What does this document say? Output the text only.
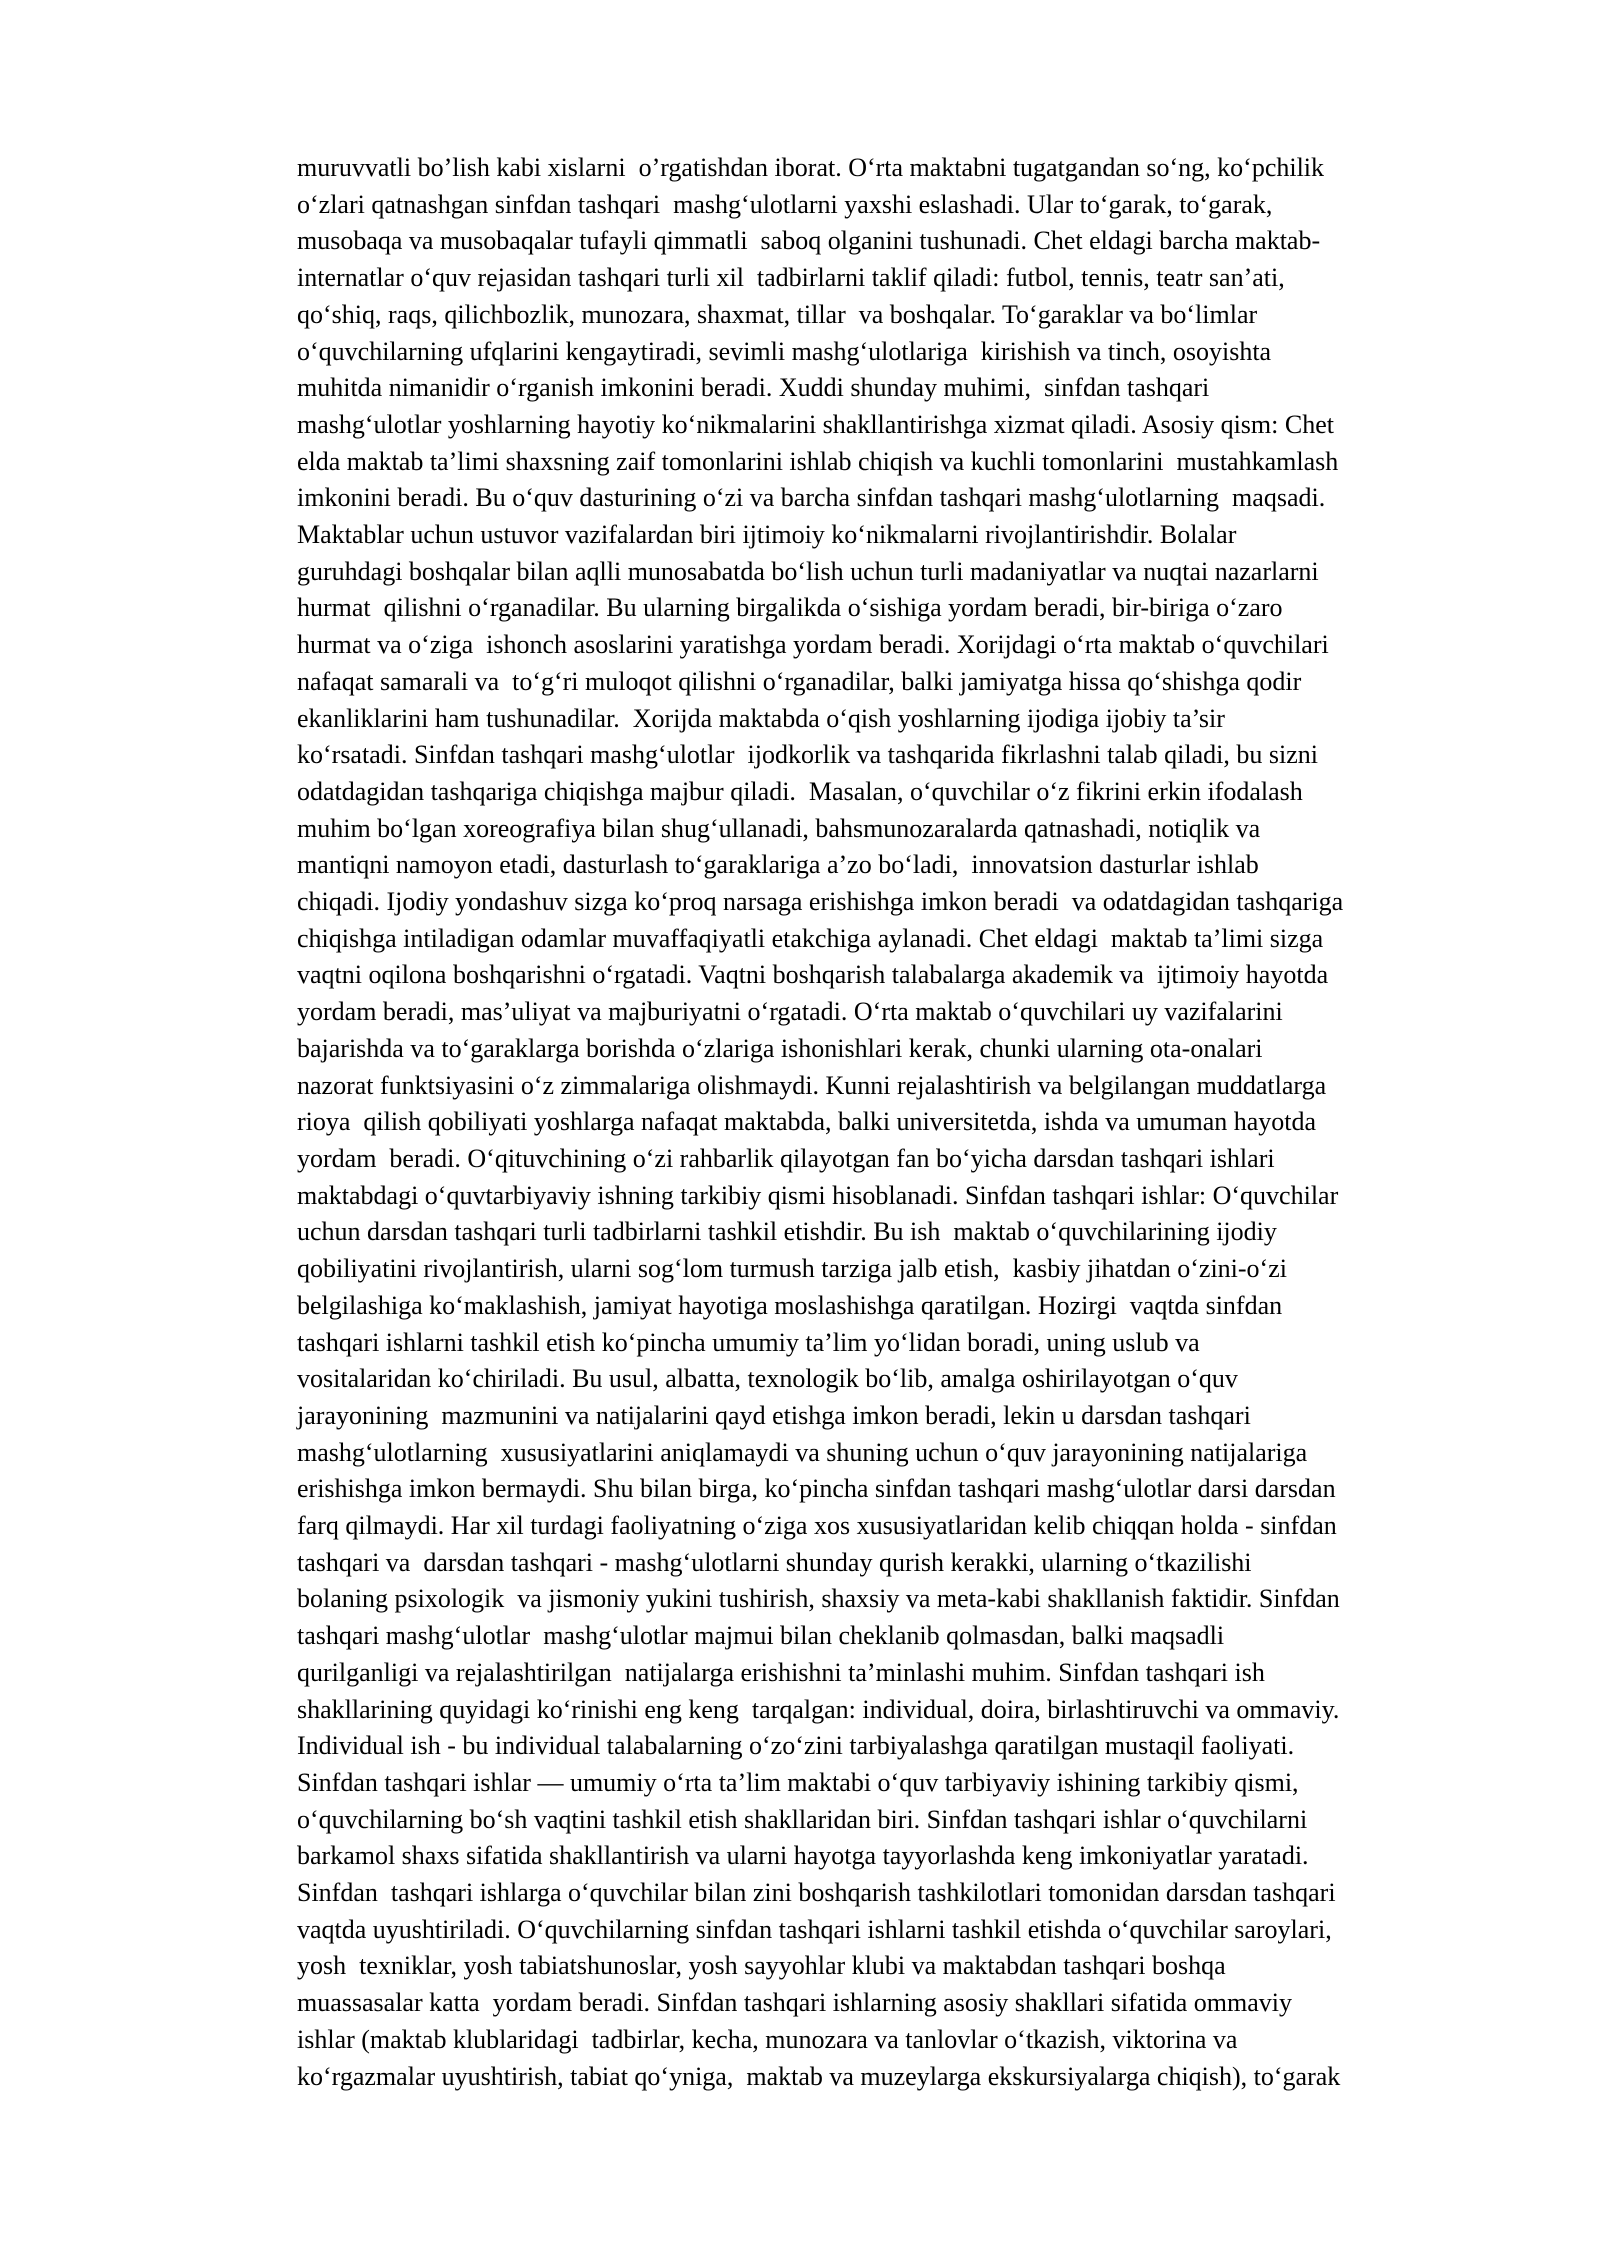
muruvvatli bo’lish kabi xislarni  o’rgatishdan iborat. O‘rta maktabni tugatgandan so‘ng, ko‘pchilik
o‘zlari qatnashgan sinfdan tashqari  mashg‘ulotlarni yaxshi eslashadi. Ular to‘garak, to‘garak,
musobaqa va musobaqalar tufayli qimmatli  saboq olganini tushunadi. Chet eldagi barcha maktab-
internatlar o‘quv rejasidan tashqari turli xil  tadbirlarni taklif qiladi: futbol, tennis, teatr san’ati,
qo‘shiq, raqs, qilichbozlik, munozara, shaxmat, tillar  va boshqalar. To‘garaklar va bo‘limlar
o‘quvchilarning ufqlarini kengaytiradi, sevimli mashg‘ulotlariga  kirishish va tinch, osoyishta
muhitda nimanidir o‘rganish imkonini beradi. Xuddi shunday muhimi,  sinfdan tashqari
mashg‘ulotlar yoshlarning hayotiy ko‘nikmalarini shakllantirishga xizmat qiladi. Asosiy qism: Chet
elda maktab ta’limi shaxsning zaif tomonlarini ishlab chiqish va kuchli tomonlarini  mustahkamlash
imkonini beradi. Bu o‘quv dasturining o‘zi va barcha sinfdan tashqari mashg‘ulotlarning  maqsadi.
Maktablar uchun ustuvor vazifalardan biri ijtimoiy ko‘nikmalarni rivojlantirishdir. Bolalar
guruhdagi boshqalar bilan aqlli munosabatda bo‘lish uchun turli madaniyatlar va nuqtai nazarlarni
hurmat  qilishni o‘rganadilar. Bu ularning birgalikda o‘sishiga yordam beradi, bir-biriga o‘zaro
hurmat va o‘ziga  ishonch asoslarini yaratishga yordam beradi. Xorijdagi o‘rta maktab o‘quvchilari
nafaqat samarali va  to‘g‘ri muloqot qilishni o‘rganadilar, balki jamiyatga hissa qo‘shishga qodir
ekanliklarini ham tushunadilar.  Xorijda maktabda o‘qish yoshlarning ijodiga ijobiy ta’sir
ko‘rsatadi. Sinfdan tashqari mashg‘ulotlar  ijodkorlik va tashqarida fikrlashni talab qiladi, bu sizni
odatdagidan tashqariga chiqishga majbur qiladi.  Masalan, o‘quvchilar o‘z fikrini erkin ifodalash
muhim bo‘lgan xoreografiya bilan shug‘ullanadi, bahsmunozaralarda qatnashadi, notiqlik va
mantiqni namoyon etadi, dasturlash to‘garaklariga a’zo bo‘ladi,  innovatsion dasturlar ishlab
chiqadi. Ijodiy yondashuv sizga ko‘proq narsaga erishishga imkon beradi  va odatdagidan tashqariga
chiqishga intiladigan odamlar muvaffaqiyatli etakchiga aylanadi. Chet eldagi  maktab ta’limi sizga
vaqtni oqilona boshqarishni o‘rgatadi. Vaqtni boshqarish talabalarga akademik va  ijtimoiy hayotda
yordam beradi, mas’uliyat va majburiyatni o‘rgatadi. O‘rta maktab o‘quvchilari uy vazifalarini
bajarishda va to‘garaklarga borishda o‘zlariga ishonishlari kerak, chunki ularning ota-onalari
nazorat funktsiyasini o‘z zimmalariga olishmaydi. Kunni rejalashtirish va belgilangan muddatlarga
rioya  qilish qobiliyati yoshlarga nafaqat maktabda, balki universitetda, ishda va umuman hayotda
yordam  beradi. O‘qituvchining o‘zi rahbarlik qilayotgan fan bo‘yicha darsdan tashqari ishlari
maktabdagi o‘quvtarbiyaviy ishning tarkibiy qismi hisoblanadi. Sinfdan tashqari ishlar: O‘quvchilar
uchun darsdan tashqari turli tadbirlarni tashkil etishdir. Bu ish  maktab o‘quvchilarining ijodiy
qobiliyatini rivojlantirish, ularni sog‘lom turmush tarziga jalb etish,  kasbiy jihatdan o‘zini-o‘zi
belgilashiga ko‘maklashish, jamiyat hayotiga moslashishga qaratilgan. Hozirgi  vaqtda sinfdan
tashqari ishlarni tashkil etish ko‘pincha umumiy ta’lim yo‘lidan boradi, uning uslub va
vositalaridan ko‘chiriladi. Bu usul, albatta, texnologik bo‘lib, amalga oshirilayotgan o‘quv
jarayonining  mazmunini va natijalarini qayd etishga imkon beradi, lekin u darsdan tashqari
mashg‘ulotlarning  xususiyatlarini aniqlamaydi va shuning uchun o‘quv jarayonining natijalariga
erishishga imkon bermaydi. Shu bilan birga, ko‘pincha sinfdan tashqari mashg‘ulotlar darsi darsdan
farq qilmaydi. Har xil turdagi faoliyatning o‘ziga xos xususiyatlaridan kelib chiqqan holda - sinfdan
tashqari va  darsdan tashqari - mashg‘ulotlarni shunday qurish kerakki, ularning o‘tkazilishi
bolaning psixologik  va jismoniy yukini tushirish, shaxsiy va meta-kabi shakllanish faktidir. Sinfdan
tashqari mashg‘ulotlar  mashg‘ulotlar majmui bilan cheklanib qolmasdan, balki maqsadli
qurilganligi va rejalashtirilgan  natijalarga erishishni ta’minlashi muhim. Sinfdan tashqari ish
shakllarining quyidagi ko‘rinishi eng keng  tarqalgan: individual, doira, birlashtiruvchi va ommaviy.
Individual ish - bu individual talabalarning o‘zo‘zini tarbiyalashga qaratilgan mustaqil faoliyati.
Sinfdan tashqari ishlar — umumiy o‘rta ta’lim maktabi o‘quv tarbiyaviy ishining tarkibiy qismi,
o‘quvchilarning bo‘sh vaqtini tashkil etish shakllaridan biri. Sinfdan tashqari ishlar o‘quvchilarni
barkamol shaxs sifatida shakllantirish va ularni hayotga tayyorlashda keng imkoniyatlar yaratadi.
Sinfdan  tashqari ishlarga o‘quvchilar bilan zini boshqarish tashkilotlari tomonidan darsdan tashqari
vaqtda uyushtiriladi. O‘quvchilarning sinfdan tashqari ishlarni tashkil etishda o‘quvchilar saroylari,
yosh  texniklar, yosh tabiatshunoslar, yosh sayyohlar klubi va maktabdan tashqari boshqa
muassasalar katta  yordam beradi. Sinfdan tashqari ishlarning asosiy shakllari sifatida ommaviy
ishlar (maktab klublaridagi  tadbirlar, kecha, munozara va tanlovlar o‘tkazish, viktorina va
ko‘rgazmalar uyushtirish, tabiat qo‘yniga,  maktab va muzeylarga ekskursiyalarga chiqish), to‘garak
